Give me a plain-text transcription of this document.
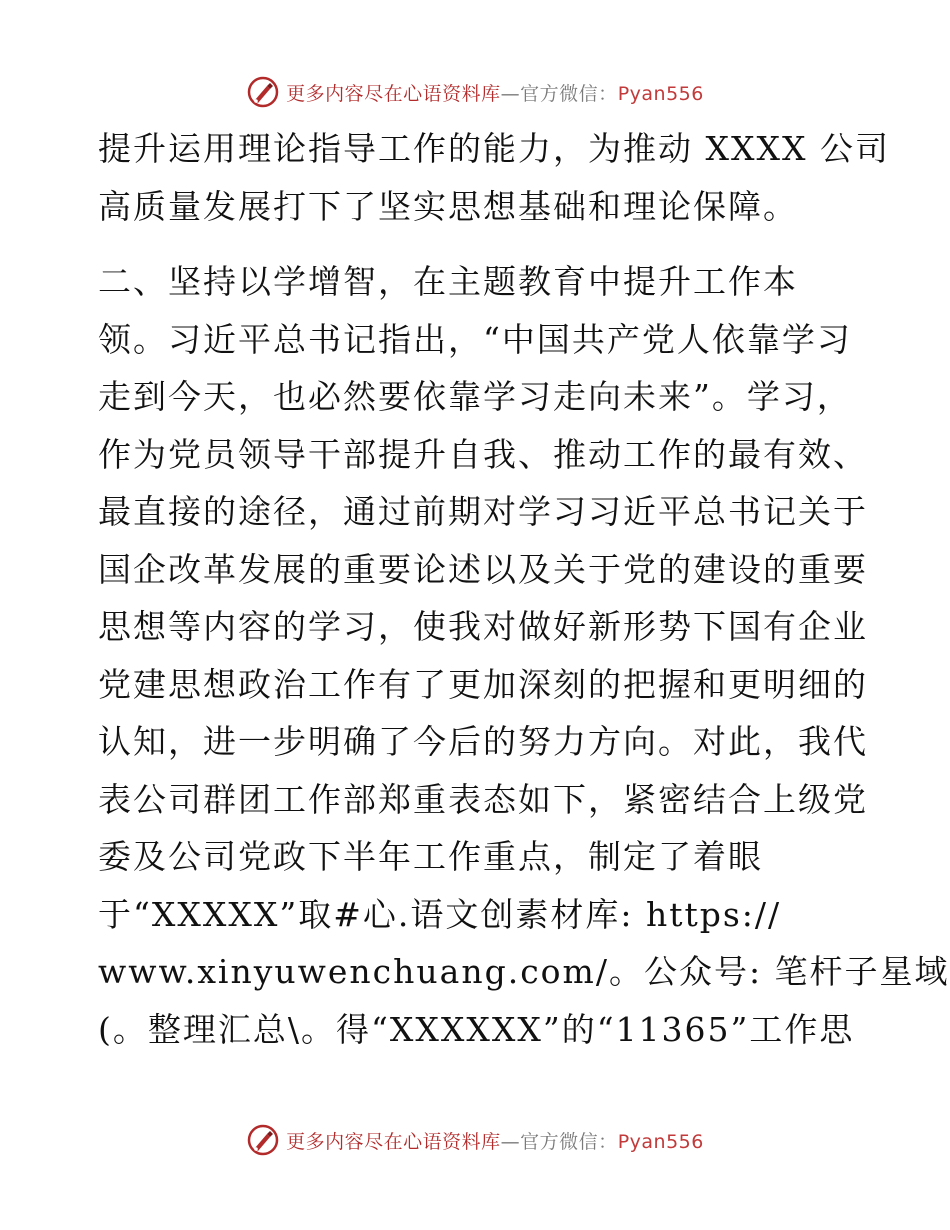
更多内容尽在心语资料库—官方微信：Pyan556
提升运用理论指导工作的能力，为推动 XXXX 公司
高质量发展打下了坚实思想基础和理论保障。
二、坚持以学增智，在主题教育中提升工作本
领。习近平总书记指出，“中国共产党人依靠学习
走到今天，也必然要依靠学习走向未来”。学习，
作为党员领导干部提升自我、推动工作的最有效、
最直接的途径，通过前期对学习习近平总书记关于
国企改革发展的重要论述以及关于党的建设的重要
思想等内容的学习，使我对做好新形势下国有企业
党建思想政治工作有了更加深刻的把握和更明细的
认知，进一步明确了今后的努力方向。对此，我代
表公司群团工作部郑重表态如下，紧密结合上级党
委及公司党政下半年工作重点，制定了着眼
于“XXXXX”取#心.语文创素材库: https://
www.xinyuwenchuang.com/。公众号: 笔杆子星域
(。整理汇总\。得“XXXXXX”的“11365”工作思
更多内容尽在心语资料库—官方微信：Pyan556
